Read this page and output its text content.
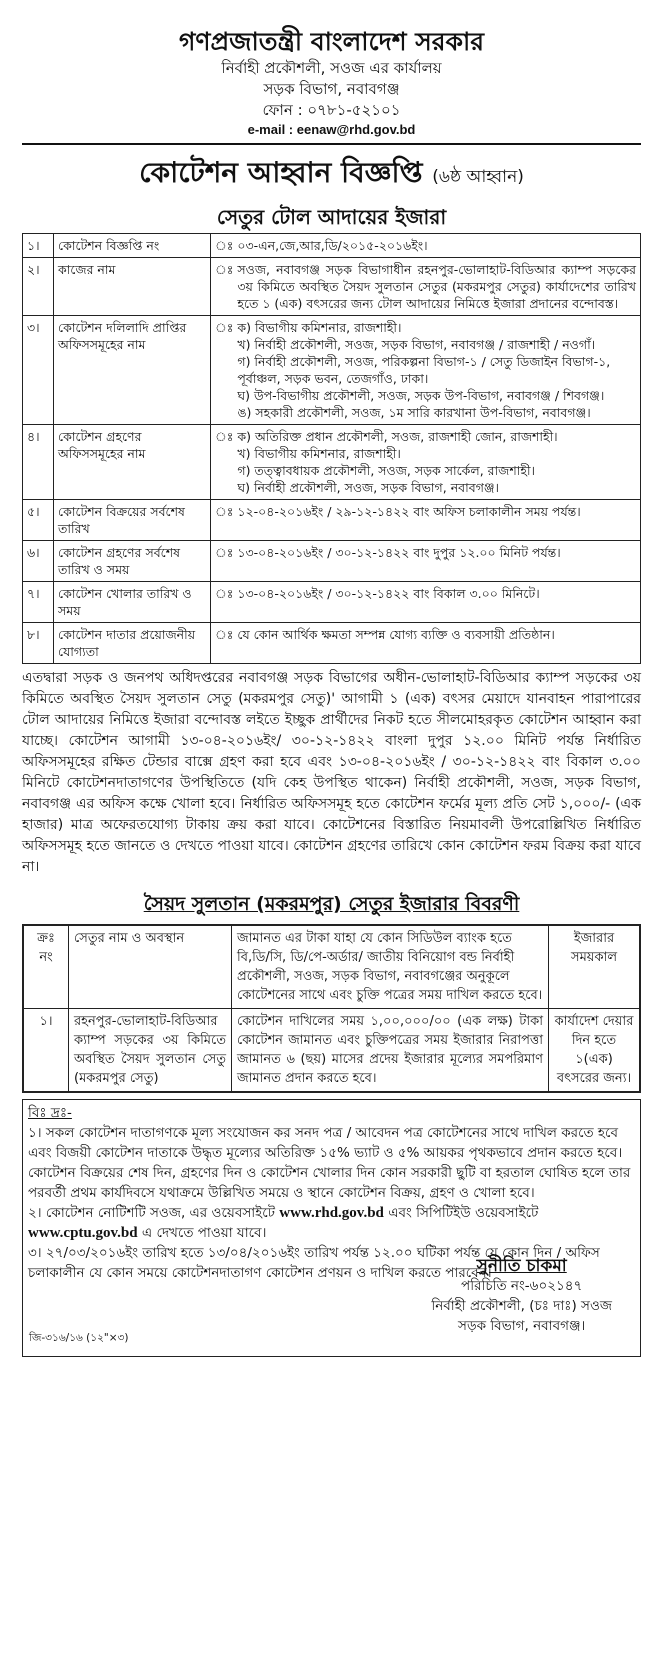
গণপ্রজাতন্ত্রী বাংলাদেশ সরকার
নির্বাহী প্রকৌশলী, সওজ এর কার্যালয়
সড়ক বিভাগ, নবাবগঞ্জ
ফোন : ০৭৮১-৫২১০১
e-mail : eenaw@rhd.gov.bd
কোটেশন আহ্বান বিজ্ঞপ্তি (৬ষ্ঠ আহ্বান)
সেতুর টোল আদায়ের ইজারা
১।	কোটেশন বিজ্ঞপ্তি নং	ঃ	০৩-এন,জে,আর,ডি/২০১৫-২০১৬ইং।

২।	কাজের নাম	ঃ	সওজ, নবাবগঞ্জ সড়ক বিভাগাধীন রহনপুর-ভোলাহাট-বিডিআর ক্যাম্প সড়কের ৩য় কিমিতে অবস্থিত সৈয়দ সুলতান সেতুর (মকরমপুর সেতুর) কার্যাদেশের তারিখ হতে ১ (এক) বৎসরের জন্য টোল আদায়ের নিমিত্তে ইজারা প্রদানের বন্দোবস্ত।

৩।	কোটেশন দলিলাদি প্রাপ্তির অফিসসমূহের নাম	ঃ	ক) বিভাগীয় কমিশনার, রাজশাহী।
খ) নির্বাহী প্রকৌশলী, সওজ, সড়ক বিভাগ, নবাবগঞ্জ / রাজশাহী / নওগাঁ।
গ) নির্বাহী প্রকৌশলী, সওজ, পরিকল্পনা বিভাগ-১ / সেতু ডিজাইন বিভাগ-১, পূর্বাঞ্চল, সড়ক ভবন, তেজগাঁও, ঢাকা।
ঘ) উপ-বিভাগীয় প্রকৌশলী, সওজ, সড়ক উপ-বিভাগ, নবাবগঞ্জ / শিবগঞ্জ।
ঙ) সহকারী প্রকৌশলী, সওজ, ১ম সারি কারখানা উপ-বিভাগ, নবাবগঞ্জ।

৪।	কোটেশন গ্রহণের অফিসসমূহের নাম	ঃ	ক) অতিরিক্ত প্রধান প্রকৌশলী, সওজ, রাজশাহী জোন, রাজশাহী।
খ) বিভাগীয় কমিশনার, রাজশাহী।
গ) তত্ত্বাবধায়ক প্রকৌশলী, সওজ, সড়ক সার্কেল, রাজশাহী।
ঘ) নির্বাহী প্রকৌশলী, সওজ, সড়ক বিভাগ, নবাবগঞ্জ।

৫।	কোটেশন বিক্রয়ের সর্বশেষ তারিখ	ঃ	১২-০৪-২০১৬ইং / ২৯-১২-১৪২২ বাং অফিস চলাকালীন সময় পর্যন্ত।

৬।	কোটেশন গ্রহণের সর্বশেষ তারিখ ও সময়	ঃ	১৩-০৪-২০১৬ইং / ৩০-১২-১৪২২ বাং দুপুর ১২.০০ মিনিট পর্যন্ত।

৭।	কোটেশন খোলার তারিখ ও সময়	ঃ	১৩-০৪-২০১৬ইং / ৩০-১২-১৪২২ বাং বিকাল ৩.০০ মিনিটে।

৮।	কোটেশন দাতার প্রয়োজনীয় যোগ্যতা	ঃ	যে কোন আর্থিক ক্ষমতা সম্পন্ন যোগ্য ব্যক্তি ও ব্যবসায়ী প্রতিষ্ঠান।
এতদ্বারা সড়ক ও জনপথ অধিদপ্তরের নবাবগঞ্জ সড়ক বিভাগের অধীন-ভোলাহাট-বিডিআর ক্যাম্প সড়কের ৩য় কিমিতে অবস্থিত সৈয়দ সুলতান সেতু (মকরমপুর সেতু)' আগামী ১ (এক) বৎসর মেয়াদে যানবাহন পারাপারের টোল আদায়ের নিমিত্তে ইজারা বন্দোবস্ত লইতে ইচ্ছুক প্রার্থীদের নিকট হতে সীলমোহরকৃত কোটেশন আহ্বান করা যাচ্ছে। কোটেশন আগামী ১৩-০৪-২০১৬ইং/ ৩০-১২-১৪২২ বাংলা দুপুর ১২.০০ মিনিট পর্যন্ত নির্ধারিত অফিসসমূহের রক্ষিত টেন্ডার বাক্সে গ্রহণ করা হবে এবং ১৩-০৪-২০১৬ইং / ৩০-১২-১৪২২ বাং বিকাল ৩.০০ মিনিটে কোটেশনদাতাগণের উপস্থিতিতে (যদি কেহ উপস্থিত থাকেন) নির্বাহী প্রকৌশলী, সওজ, সড়ক বিভাগ, নবাবগঞ্জ এর অফিস কক্ষে খোলা হবে। নির্ধারিত অফিসসমূহ হতে কোটেশন ফর্মের মূল্য প্রতি সেট ১,০০০/- (এক হাজার) মাত্র অফেরতযোগ্য টাকায় ক্রয় করা যাবে। কোটেশনের বিস্তারিত নিয়মাবলী উপরোল্লিখিত নির্ধারিত অফিসসমূহ হতে জানতে ও দেখতে পাওয়া যাবে। কোটেশন গ্রহণের তারিখে কোন কোটেশন ফরম বিক্রয় করা যাবে না।
সৈয়দ সুলতান (মকরমপুর) সেতুর ইজারার বিবরণী
ক্রঃ নং	সেতুর নাম ও অবস্থান	জামানত এর টাকা যাহা যে কোন সিডিউল ব্যাংক হতে বি,ডি/সি, ডি/পে-অর্ডার/ জাতীয় বিনিয়োগ বন্ড নির্বাহী প্রকৌশলী, সওজ, সড়ক বিভাগ, নবাবগঞ্জের অনুকূলে কোটেশনের সাথে এবং চুক্তি পত্রের সময় দাখিল করতে হবে।	ইজারার সময়কাল
১।	রহনপুর-ভোলাহাট-বিডিআর ক্যাম্প সড়কের ৩য় কিমিতে অবস্থিত সৈয়দ সুলতান সেতু (মকরমপুর সেতু)	কোটেশন দাখিলের সময় ১,০০,০০০/০০ (এক লক্ষ) টাকা কোটেশন জামানত এবং চুক্তিপত্রের সময় ইজারার নিরাপত্তা জামানত ৬ (ছয়) মাসের প্রদেয় ইজারার মূল্যের সমপরিমাণ জামানত প্রদান করতে হবে।	কার্যাদেশ দেয়ার দিন হতে ১(এক) বৎসরের জন্য।
বিঃ দ্রঃ-
১। সকল কোটেশন দাতাগণকে মূল্য সংযোজন কর সনদ পত্র / আবেদন পত্র কোটেশনের সাথে দাখিল করতে হবে এবং বিজয়ী কোটেশন দাতাকে উদ্ধৃত মূল্যের অতিরিক্ত ১৫% ভ্যাট ও ৫% আয়কর পৃথকভাবে প্রদান করতে হবে। কোটেশন বিক্রয়ের শেষ দিন, গ্রহণের দিন ও কোটেশন খোলার দিন কোন সরকারী ছুটি বা হরতাল ঘোষিত হলে তার পরবর্তী প্রথম কার্যদিবসে যথাক্রমে উল্লিখিত সময়ে ও স্থানে কোটেশন বিক্রয়, গ্রহণ ও খোলা হবে।
২। কোটেশন নোটিশটি সওজ, এর ওয়েবসাইটে www.rhd.gov.bd এবং সিপিটিইউ ওয়েবসাইটে www.cptu.gov.bd এ দেখতে পাওয়া যাবে।
৩। ২৭/০৩/২০১৬ইং তারিখ হতে ১৩/০৪/২০১৬ইং তারিখ পর্যন্ত ১২.০০ ঘটিকা পর্যন্ত যে কোন দিন / অফিস চলাকালীন যে কোন সময়ে কোটেশনদাতাগণ কোটেশন প্রণয়ন ও দাখিল করতে পারবেন।
সুনীতি চাকমা
পরিচিতি নং-৬০২১৪৭
নির্বাহী প্রকৌশলী, (চঃ দাঃ) সওজ
সড়ক বিভাগ, নবাবগঞ্জ।
জি-৩১৬/১৬ (১২"×৩)
